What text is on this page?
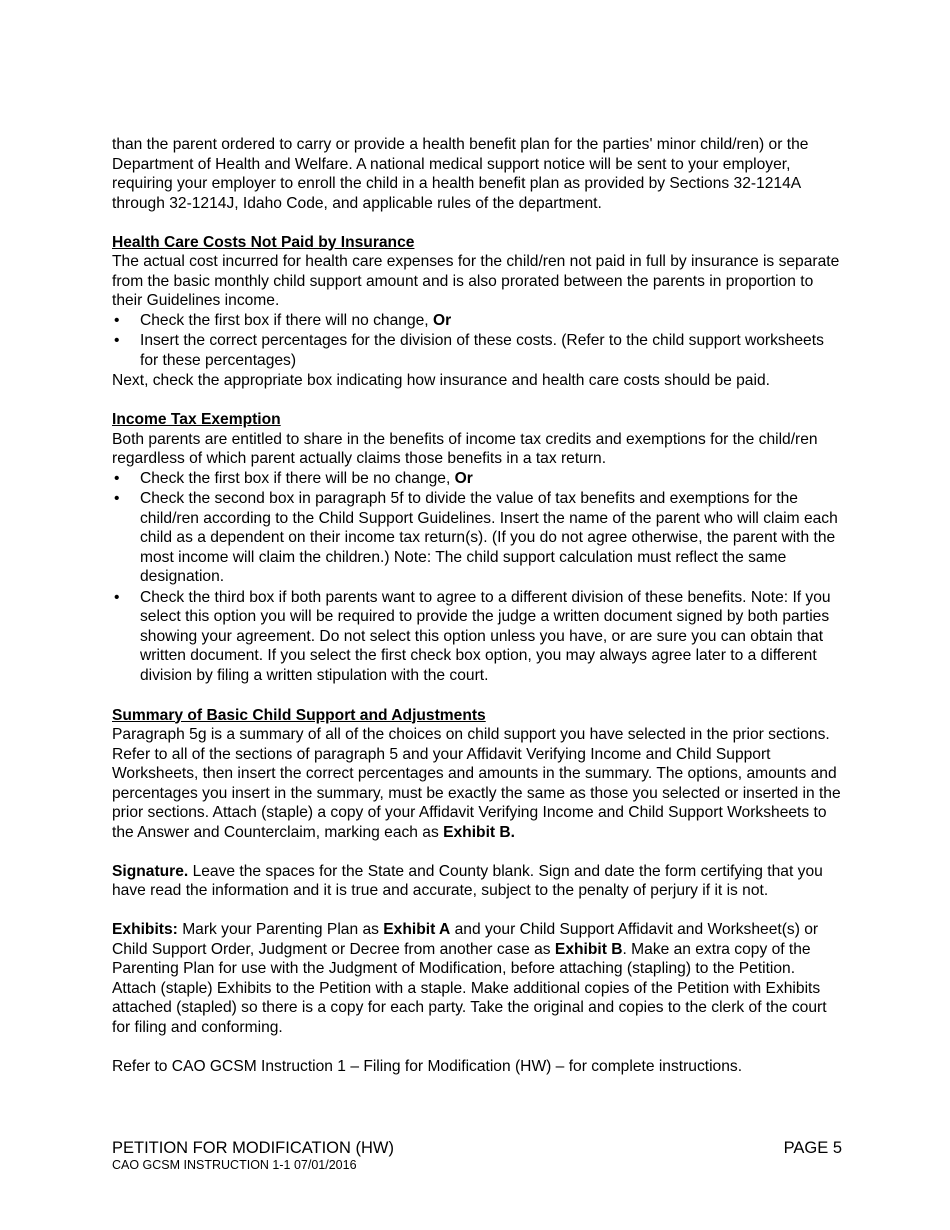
than the parent ordered to carry or provide a health benefit plan for the parties' minor child/ren) or the Department of Health and Welfare. A national medical support notice will be sent to your employer, requiring your employer to enroll the child in a health benefit plan as provided by Sections 32-1214A through 32-1214J, Idaho Code, and applicable rules of the department.

Health Care Costs Not Paid by Insurance

The actual cost incurred for health care expenses for the child/ren not paid in full by insurance is separate from the basic monthly child support amount and is also prorated between the parents in proportion to their Guidelines income.

• Check the first box if there will no change, Or
• Insert the correct percentages for the division of these costs. (Refer to the child support worksheets for these percentages)

Next, check the appropriate box indicating how insurance and health care costs should be paid.

Income Tax Exemption

Both parents are entitled to share in the benefits of income tax credits and exemptions for the child/ren regardless of which parent actually claims those benefits in a tax return.

• Check the first box if there will be no change, Or
• Check the second box in paragraph 5f to divide the value of tax benefits and exemptions for the child/ren according to the Child Support Guidelines. Insert the name of the parent who will claim each child as a dependent on their income tax return(s). (If you do not agree otherwise, the parent with the most income will claim the children.) Note: The child support calculation must reflect the same designation.
• Check the third box if both parents want to agree to a different division of these benefits. Note: If you select this option you will be required to provide the judge a written document signed by both parties showing your agreement. Do not select this option unless you have, or are sure you can obtain that written document. If you select the first check box option, you may always agree later to a different division by filing a written stipulation with the court.

Summary of Basic Child Support and Adjustments

Paragraph 5g is a summary of all of the choices on child support you have selected in the prior sections. Refer to all of the sections of paragraph 5 and your Affidavit Verifying Income and Child Support Worksheets, then insert the correct percentages and amounts in the summary. The options, amounts and percentages you insert in the summary, must be exactly the same as those you selected or inserted in the prior sections. Attach (staple) a copy of your Affidavit Verifying Income and Child Support Worksheets to the Answer and Counterclaim, marking each as Exhibit B.

Signature. Leave the spaces for the State and County blank. Sign and date the form certifying that you have read the information and it is true and accurate, subject to the penalty of perjury if it is not.

Exhibits: Mark your Parenting Plan as Exhibit A and your Child Support Affidavit and Worksheet(s) or Child Support Order, Judgment or Decree from another case as Exhibit B. Make an extra copy of the Parenting Plan for use with the Judgment of Modification, before attaching (stapling) to the Petition. Attach (staple) Exhibits to the Petition with a staple. Make additional copies of the Petition with Exhibits attached (stapled) so there is a copy for each party. Take the original and copies to the clerk of the court for filing and conforming.

Refer to CAO GCSM Instruction 1 – Filing for Modification (HW) – for complete instructions.

PETITION FOR MODIFICATION (HW)	PAGE 5
CAO GCSM INSTRUCTION 1-1 07/01/2016
